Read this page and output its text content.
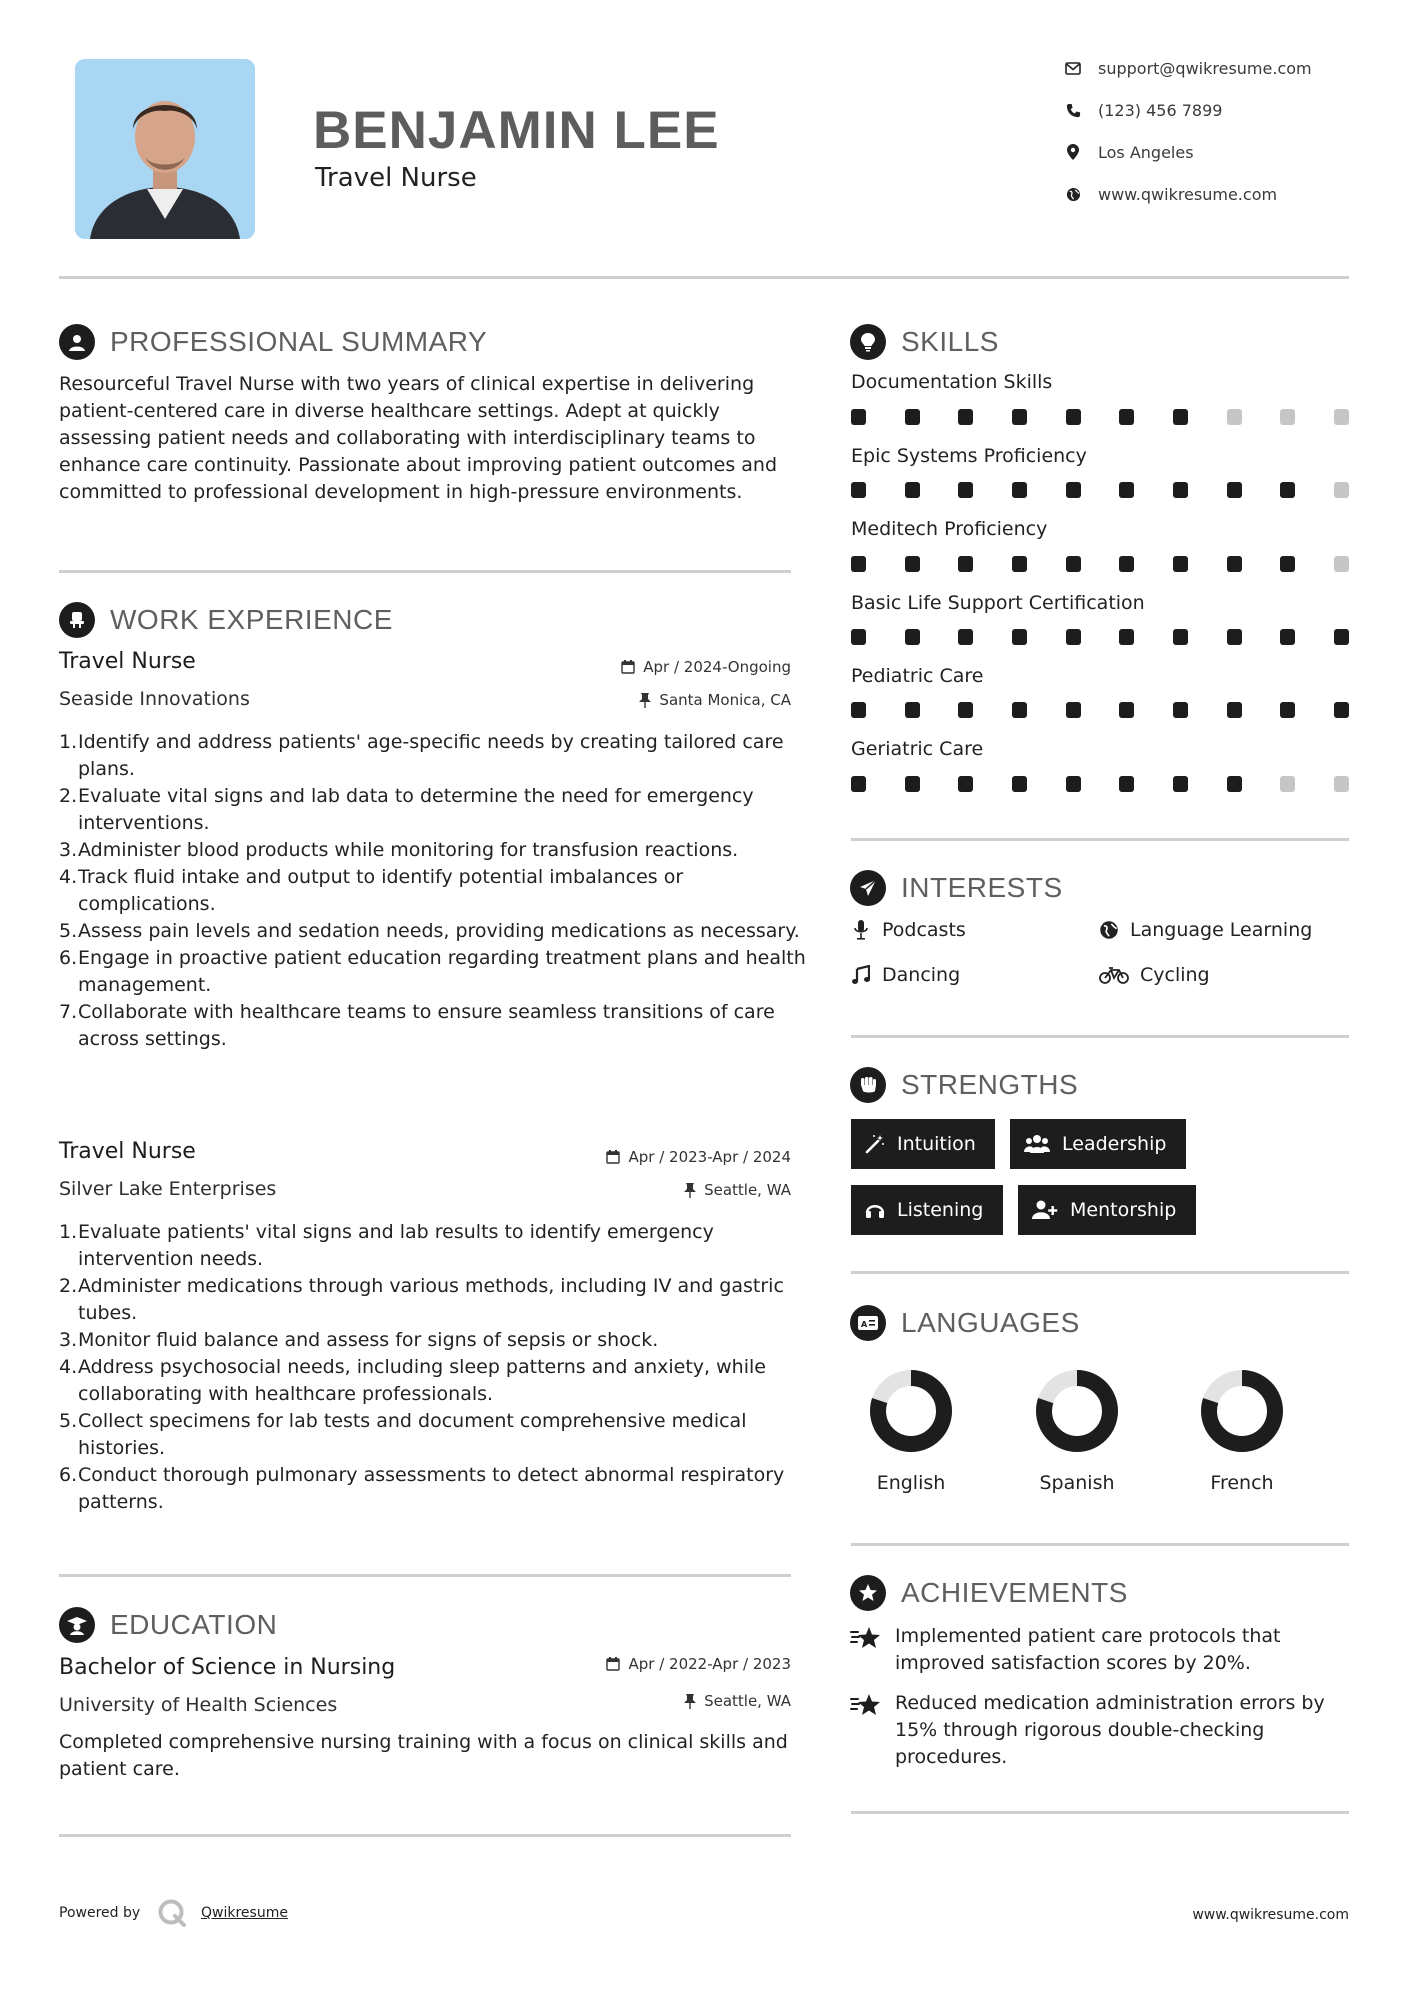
BENJAMIN LEE
Travel Nurse
support@qwikresume.com
(123) 456 7899
Los Angeles
www.qwikresume.com
PROFESSIONAL SUMMARY
Resourceful Travel Nurse with two years of clinical expertise in delivering patient-centered care in diverse healthcare settings. Adept at quickly assessing patient needs and collaborating with interdisciplinary teams to enhance care continuity. Passionate about improving patient outcomes and committed to professional development in high-pressure environments.
WORK EXPERIENCE
Travel Nurse	Apr / 2024-Ongoing
Seaside Innovations	Santa Monica, CA
Identify and address patients' age-specific needs by creating tailored care plans.
Evaluate vital signs and lab data to determine the need for emergency interventions.
Administer blood products while monitoring for transfusion reactions.
Track fluid intake and output to identify potential imbalances or complications.
Assess pain levels and sedation needs, providing medications as necessary.
Engage in proactive patient education regarding treatment plans and health management.
Collaborate with healthcare teams to ensure seamless transitions of care across settings.
Travel Nurse	Apr / 2023-Apr / 2024
Silver Lake Enterprises	Seattle, WA
Evaluate patients' vital signs and lab results to identify emergency intervention needs.
Administer medications through various methods, including IV and gastric tubes.
Monitor fluid balance and assess for signs of sepsis or shock.
Address psychosocial needs, including sleep patterns and anxiety, while collaborating with healthcare professionals.
Collect specimens for lab tests and document comprehensive medical histories.
Conduct thorough pulmonary assessments to detect abnormal respiratory patterns.
EDUCATION
Bachelor of Science in Nursing	Apr / 2022-Apr / 2023
University of Health Sciences	Seattle, WA
Completed comprehensive nursing training with a focus on clinical skills and patient care.
SKILLS
Documentation Skills
Epic Systems Proficiency
Meditech Proficiency
Basic Life Support Certification
Pediatric Care
Geriatric Care
INTERESTS
Podcasts	Language Learning
Dancing	Cycling
STRENGTHS
Intuition	Leadership
Listening	Mentorship
A LANGUAGES
English	Spanish	French
ACHIEVEMENTS
Implemented patient care protocols that improved satisfaction scores by 20%.
Reduced medication administration errors by 15% through rigorous double-checking procedures.
Powered by	Qwikresume	www.qwikresume.com
